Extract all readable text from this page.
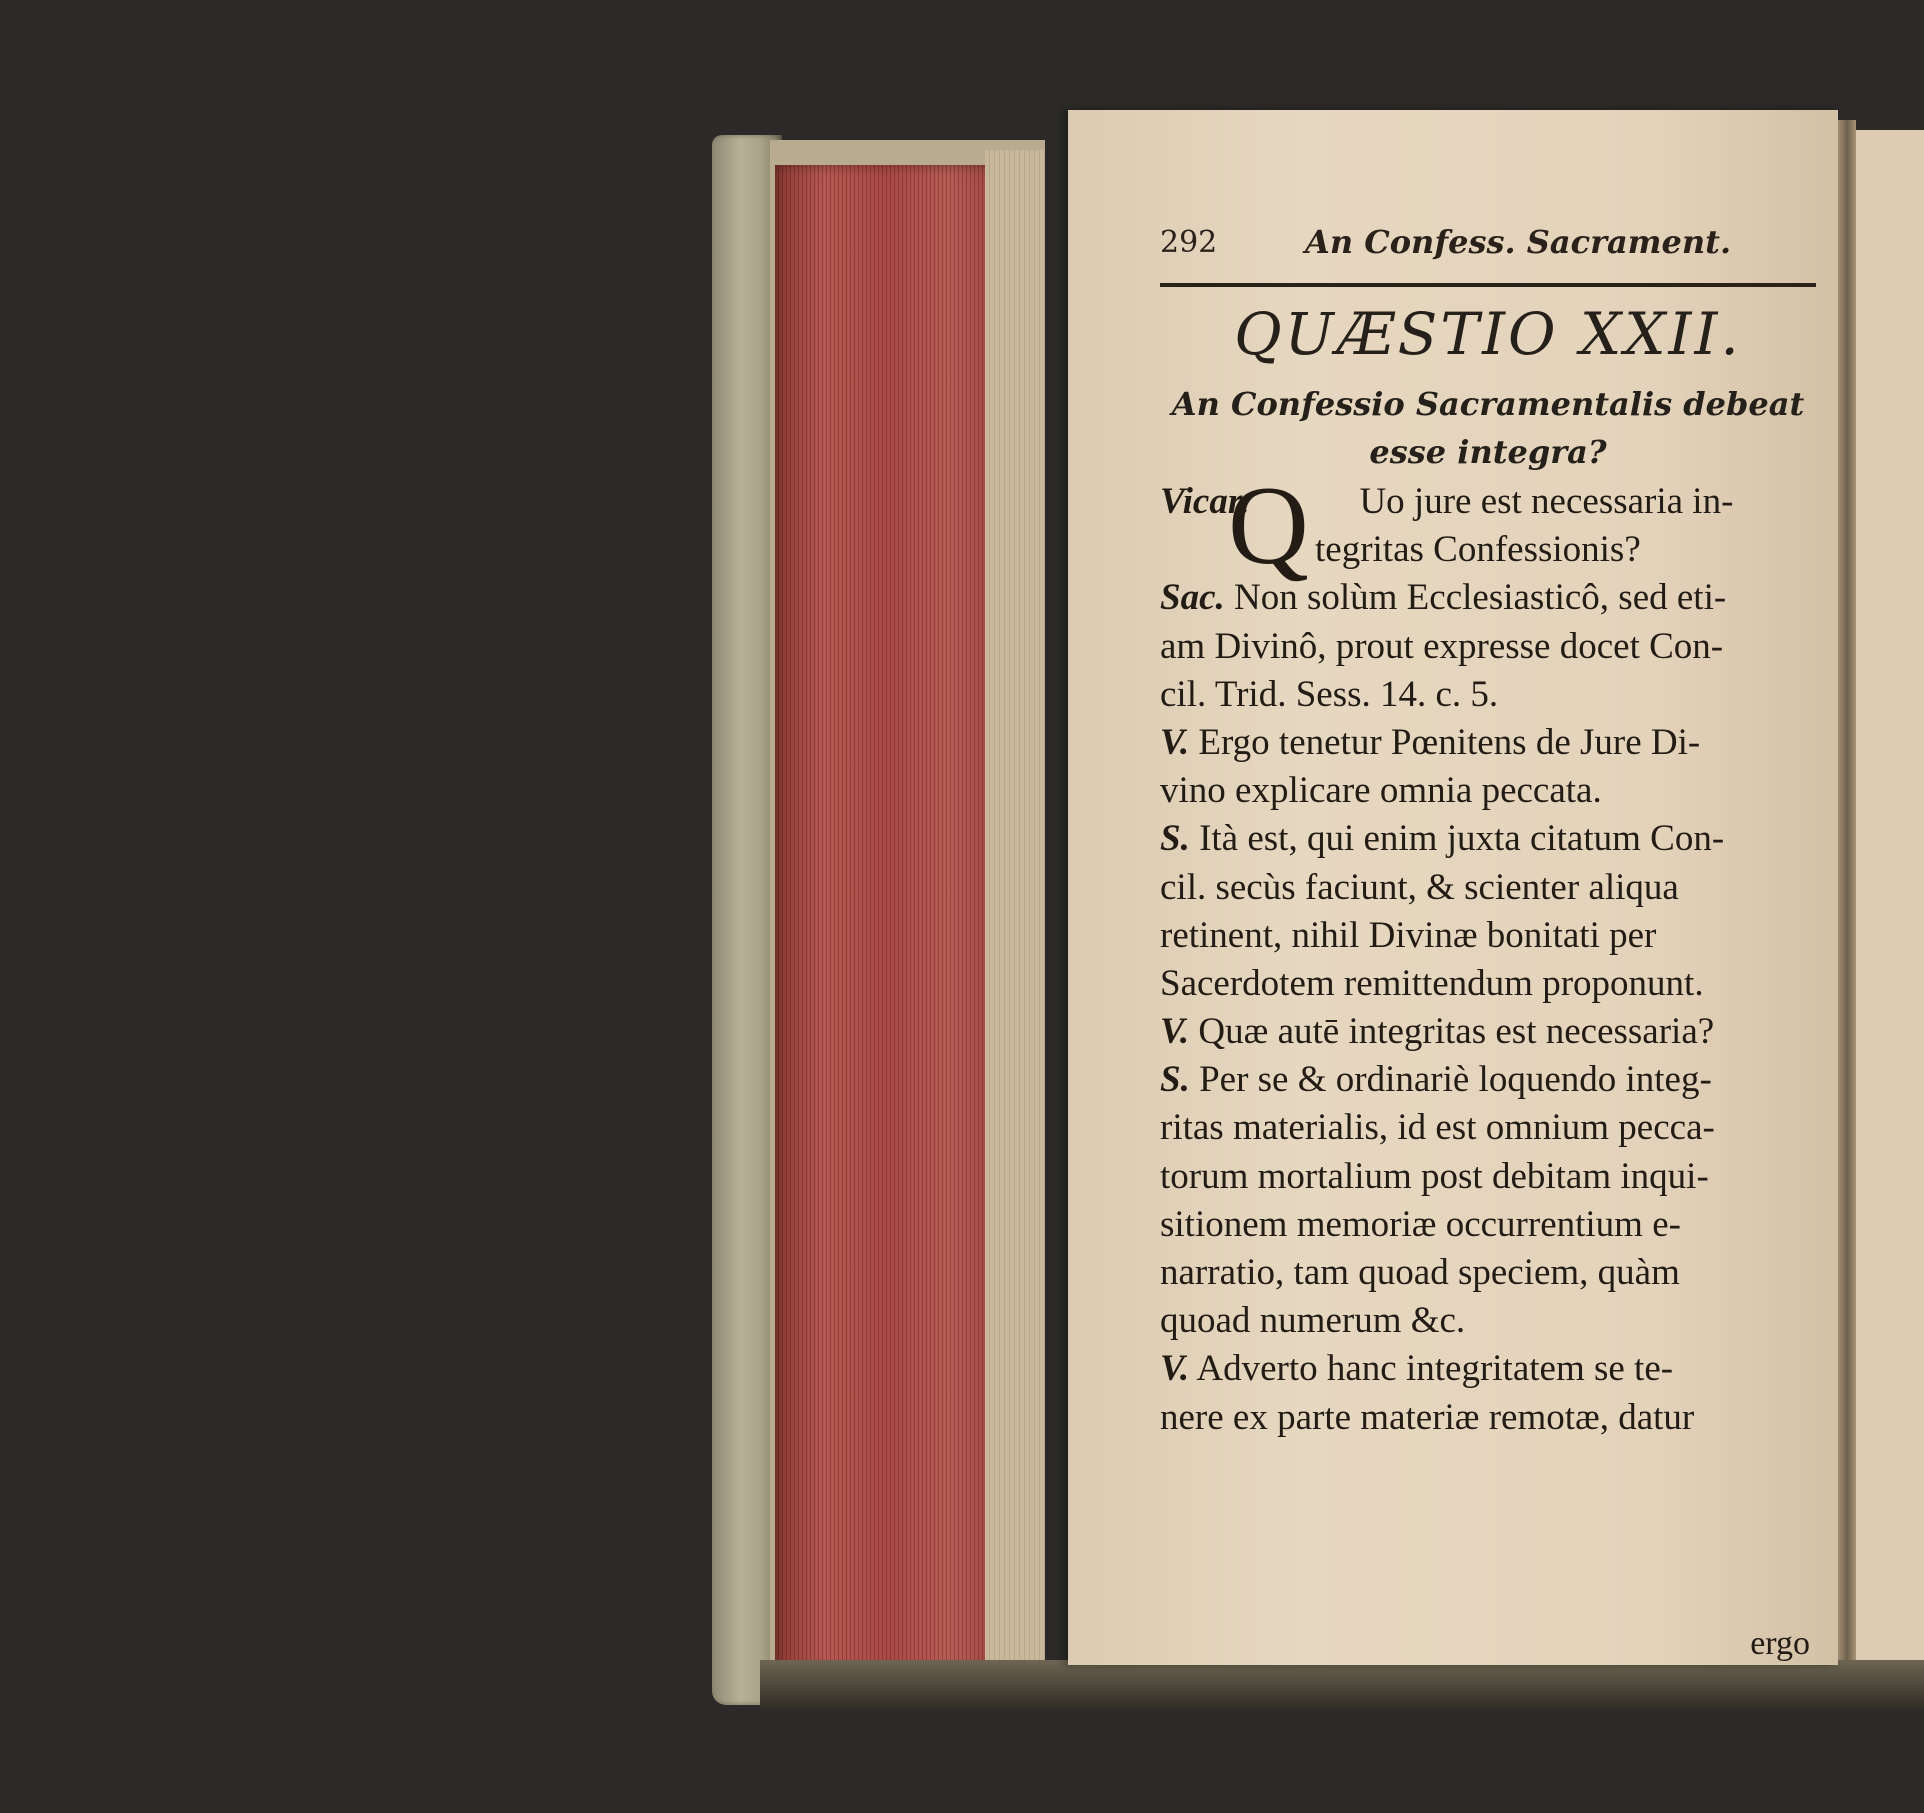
292	An Confess. Sacrament.
QUÆSTIO XXII.
An Confessio Sacramentalis debeat
esse integra?
Q
Vicar.	Uo jure est necessaria in-
tegritas Confessionis?
Sac. Non solùm Ecclesiasticô, sed eti-
am Divinô, prout expresse docet Con-
cil. Trid. Sess. 14. c. 5.
V. Ergo tenetur Pœnitens de Jure Di-
vino explicare omnia peccata.
S. Ità est, qui enim juxta citatum Con-
cil. secùs faciunt, & scienter aliqua
retinent, nihil Divinæ bonitati per
Sacerdotem remittendum proponunt.
V. Quæ autē integritas est necessaria?
S. Per se & ordinariè loquendo integ-
ritas materialis, id est omnium pecca-
torum mortalium post debitam inqui-
sitionem memoriæ occurrentium e-
narratio, tam quoad speciem, quàm
quoad numerum &c.
V. Adverto hanc integritatem se te-
nere ex parte materiæ remotæ, datur
ergo
